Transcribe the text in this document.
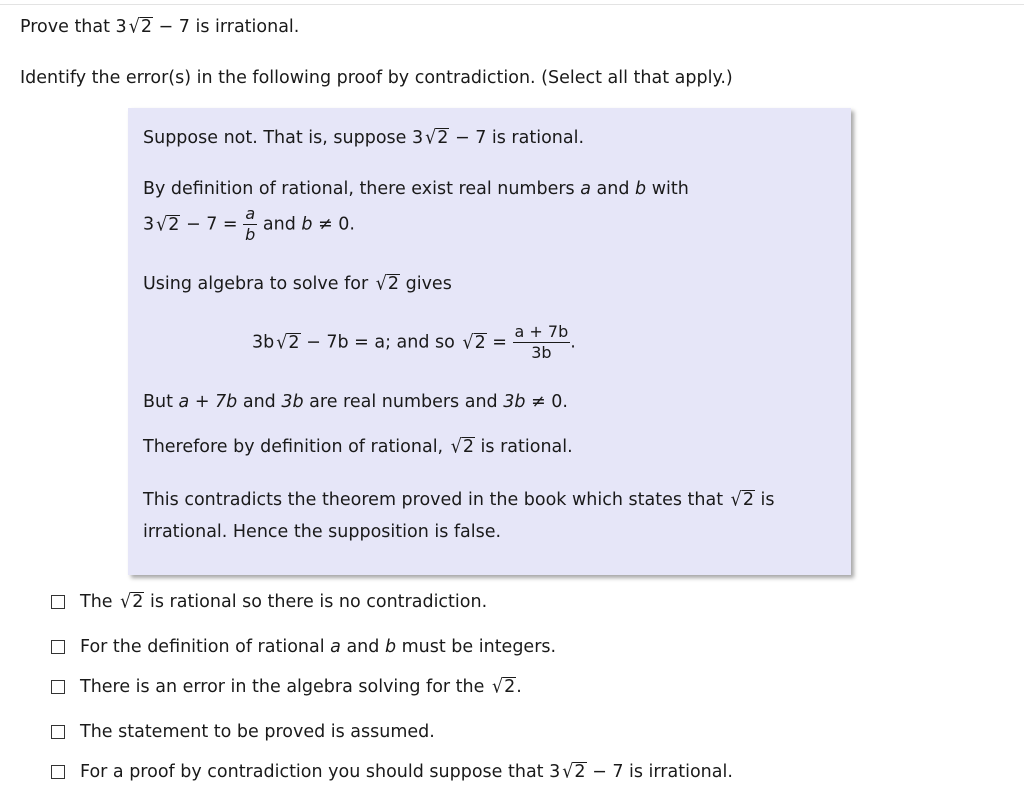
Prove that 3 √2 − 7 is irrational.
Identify the error(s) in the following proof by contradiction. (Select all that apply.)
Suppose not. That is, suppose 3 √2 − 7 is rational.
By definition of rational, there exist real numbers a and b with
3 $√2 - 7 = \frac{a}{b}$ and b ≠ 0.
Using algebra to solve for √2 gives
3b √2 − 7b = a; and so $√2 = \frac{a + 7b}{3b}$ .
But a + 7b and 3b are real numbers and 3b ≠ 0.
Therefore by definition of rational, √2 is rational.
This contradicts the theorem proved in the book which states that √2 is
irrational. Hence the supposition is false.
The √2 is rational so there is no contradiction.
For the definition of rational a and b must be integers.
There is an error in the algebra solving for the √2.
The statement to be proved is assumed.
For a proof by contradiction you should suppose that 3 √2 − 7 is irrational.
